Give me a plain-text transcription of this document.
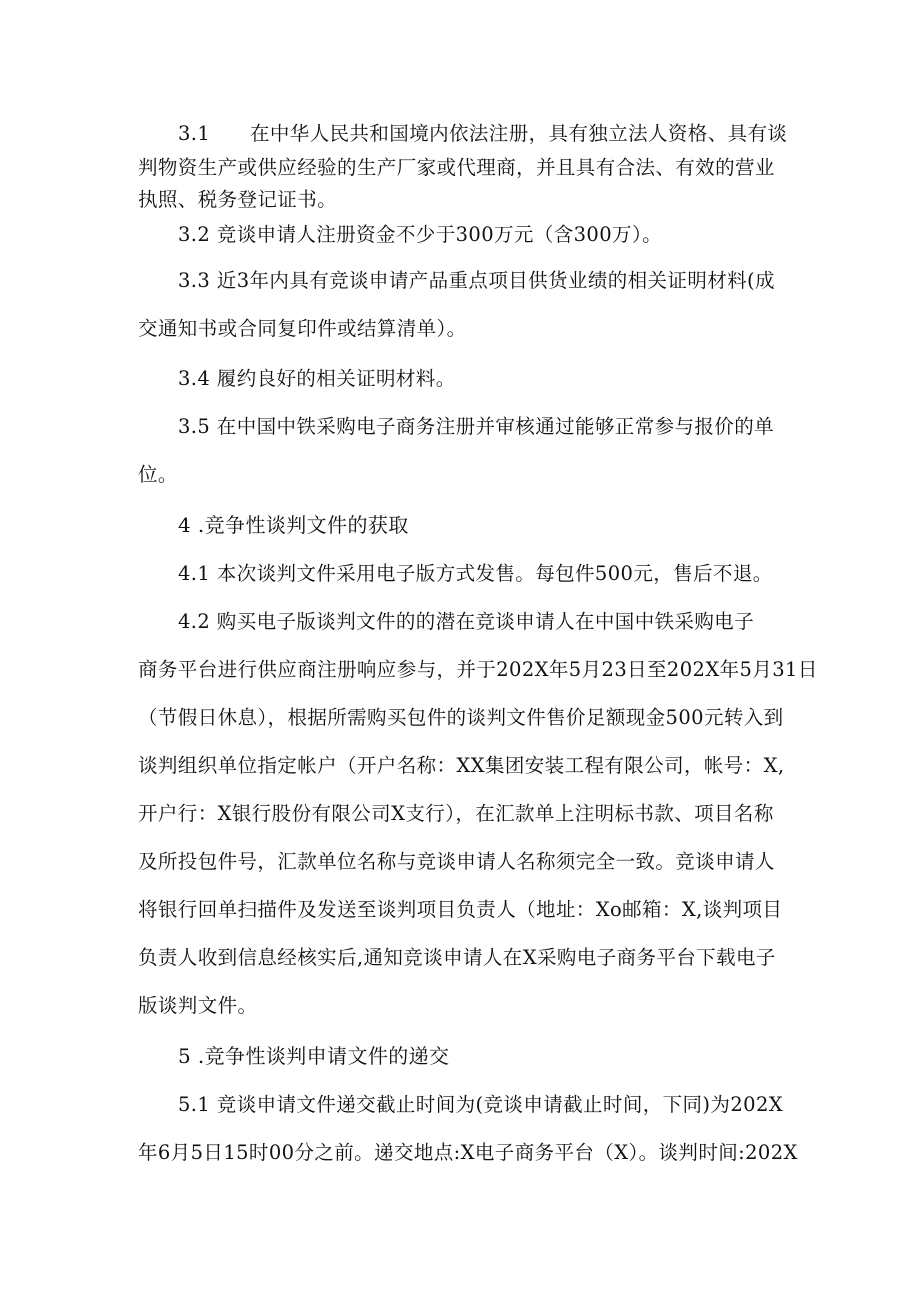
3.1　　在中华人民共和国境内依法注册，具有独立法人资格、具有谈
判物资生产或供应经验的生产厂家或代理商，并且具有合法、有效的营业
执照、税务登记证书。
3.2 竞谈申请人注册资金不少于300万元（含300万）。
3.3 近3年内具有竞谈申请产品重点项目供货业绩的相关证明材料(成
交通知书或合同复印件或结算清单）。
3.4 履约良好的相关证明材料。
3.5 在中国中铁采购电子商务注册并审核通过能够正常参与报价的单
位。
4 .竞争性谈判文件的获取
4.1 本次谈判文件采用电子版方式发售。每包件500元，售后不退。
4.2 购买电子版谈判文件的的潜在竞谈申请人在中国中铁采购电子
商务平台进行供应商注册响应参与，并于202X年5月23日至202X年5月31日
（节假日休息），根据所需购买包件的谈判文件售价足额现金500元转入到
谈判组织单位指定帐户（开户名称：XX集团安装工程有限公司，帐号：X,
开户行：X银行股份有限公司X支行），在汇款单上注明标书款、项目名称
及所投包件号，汇款单位名称与竞谈申请人名称须完全一致。竞谈申请人
将银行回单扫描件及发送至谈判项目负责人（地址：Xo邮箱：X,谈判项目
负责人收到信息经核实后,通知竞谈申请人在X采购电子商务平台下载电子
版谈判文件。
5 .竞争性谈判申请文件的递交
5.1 竞谈申请文件递交截止时间为(竞谈申请截止时间，下同)为202X
年6月5日15时00分之前。递交地点:X电子商务平台（X）。谈判时间:202X
